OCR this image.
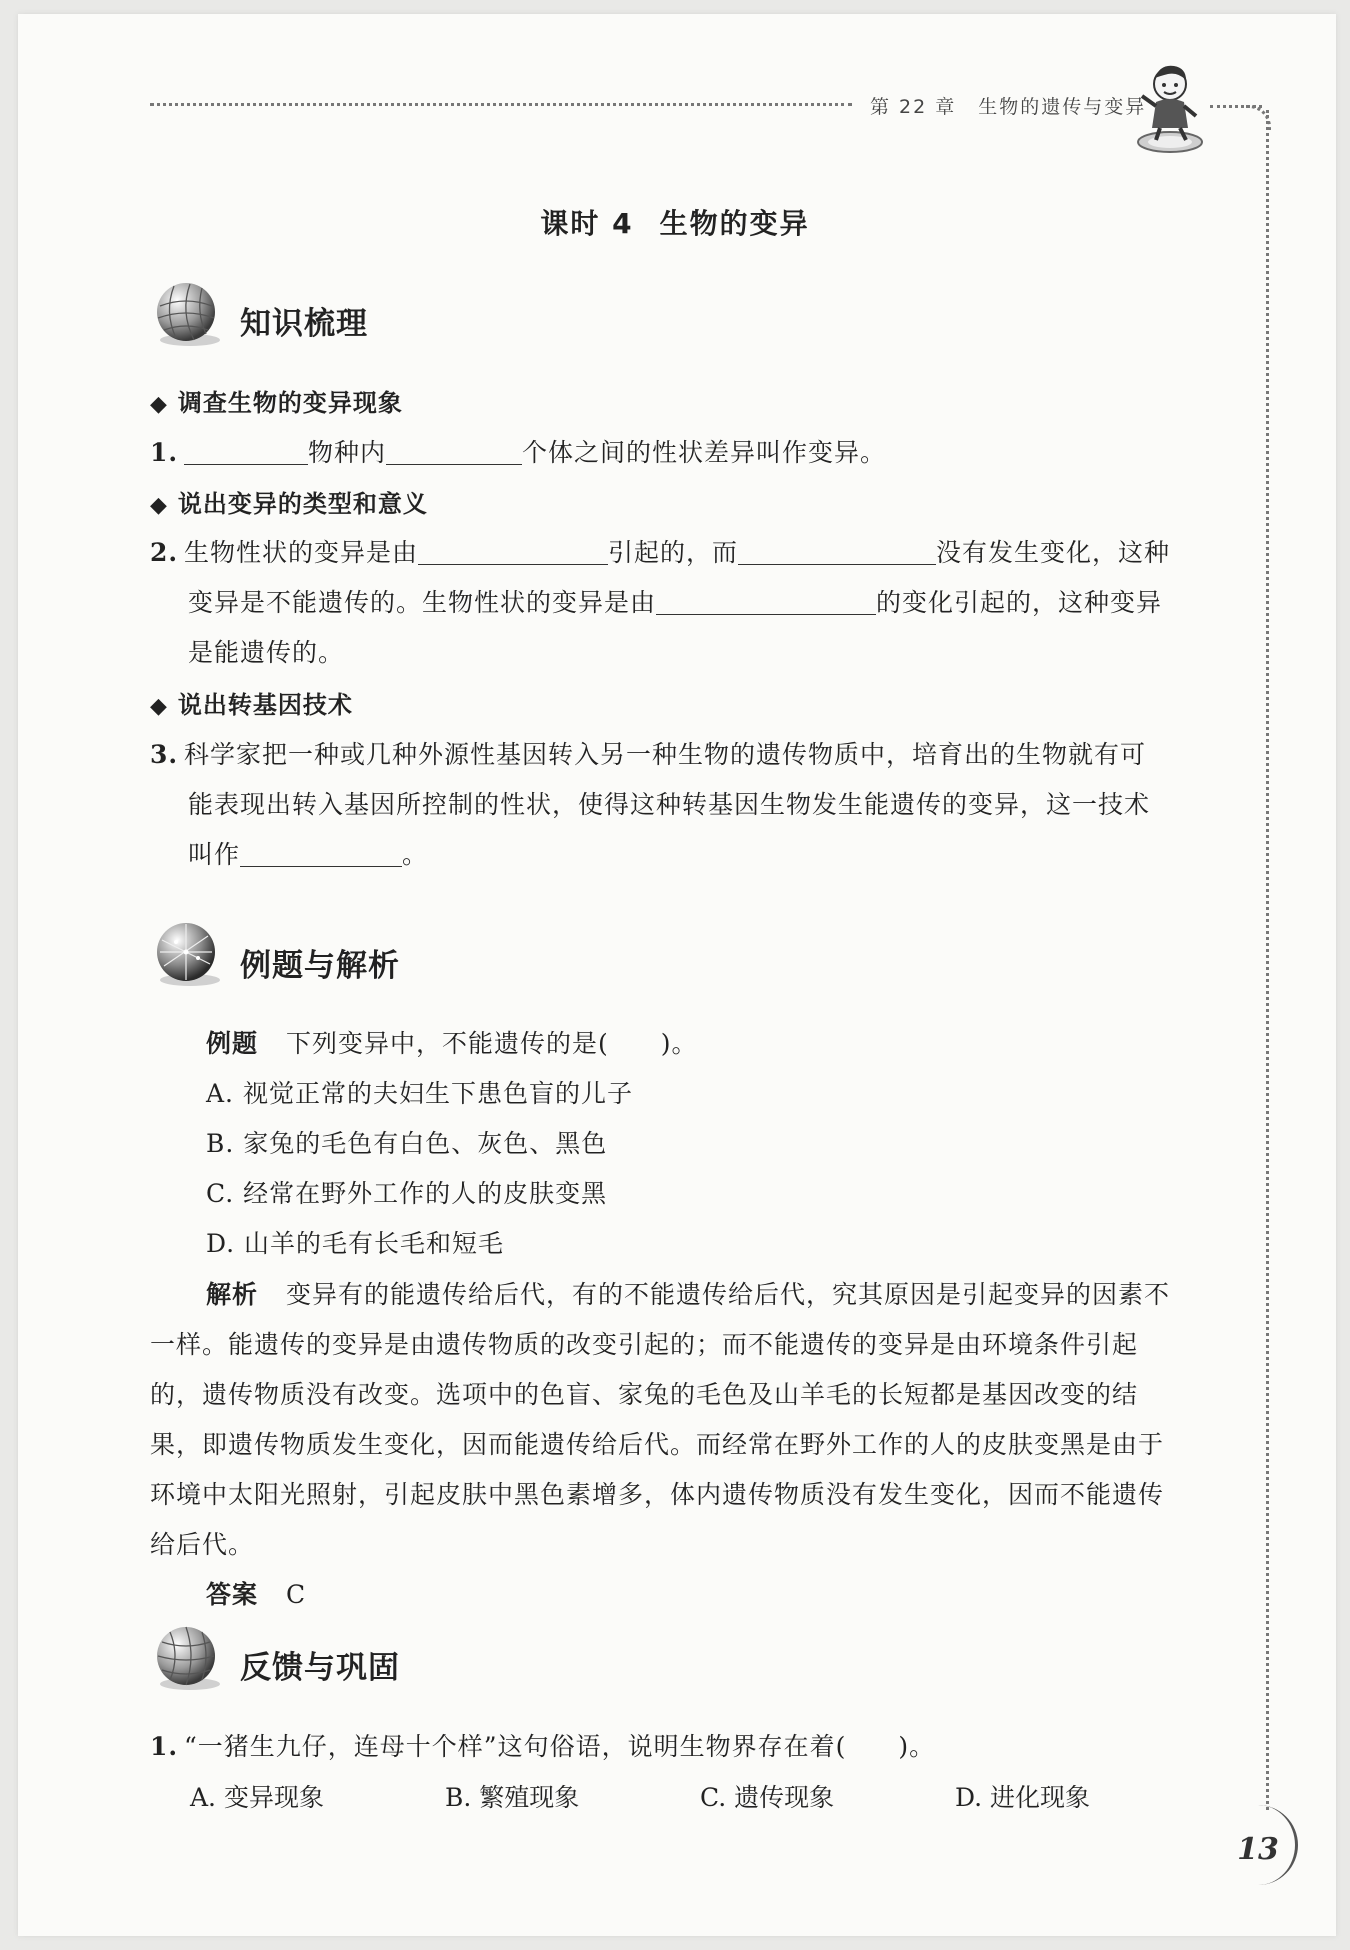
第 22 章 生物的遗传与变异
13
课时 4 生物的变异
知识梳理
◆ 调查生物的变异现象
1.	物种内	个体之间的性状差异叫作变异。
◆ 说出变异的类型和意义
2. 生物性状的变异是由	引起的，而	没有发生变化，这种
变异是不能遗传的。生物性状的变异是由	的变化引起的，这种变异
是能遗传的。
◆ 说出转基因技术
3. 科学家把一种或几种外源性基因转入另一种生物的遗传物质中，培育出的生物就有可
能表现出转入基因所控制的性状，使得这种转基因生物发生能遗传的变异，这一技术
叫作	。
例题与解析
例题 下列变异中，不能遗传的是(　　)。
A. 视觉正常的夫妇生下患色盲的儿子
B. 家兔的毛色有白色、灰色、黑色
C. 经常在野外工作的人的皮肤变黑
D. 山羊的毛有长毛和短毛
解析 变异有的能遗传给后代，有的不能遗传给后代，究其原因是引起变异的因素不
一样。能遗传的变异是由遗传物质的改变引起的；而不能遗传的变异是由环境条件引起
的，遗传物质没有改变。选项中的色盲、家兔的毛色及山羊毛的长短都是基因改变的结
果，即遗传物质发生变化，因而能遗传给后代。而经常在野外工作的人的皮肤变黑是由于
环境中太阳光照射，引起皮肤中黑色素增多，体内遗传物质没有发生变化，因而不能遗传
给后代。
答案 C
反馈与巩固
1. “一猪生九仔，连母十个样”这句俗语，说明生物界存在着(　　)。
A. 变异现象	B. 繁殖现象	C. 遗传现象	D. 进化现象
